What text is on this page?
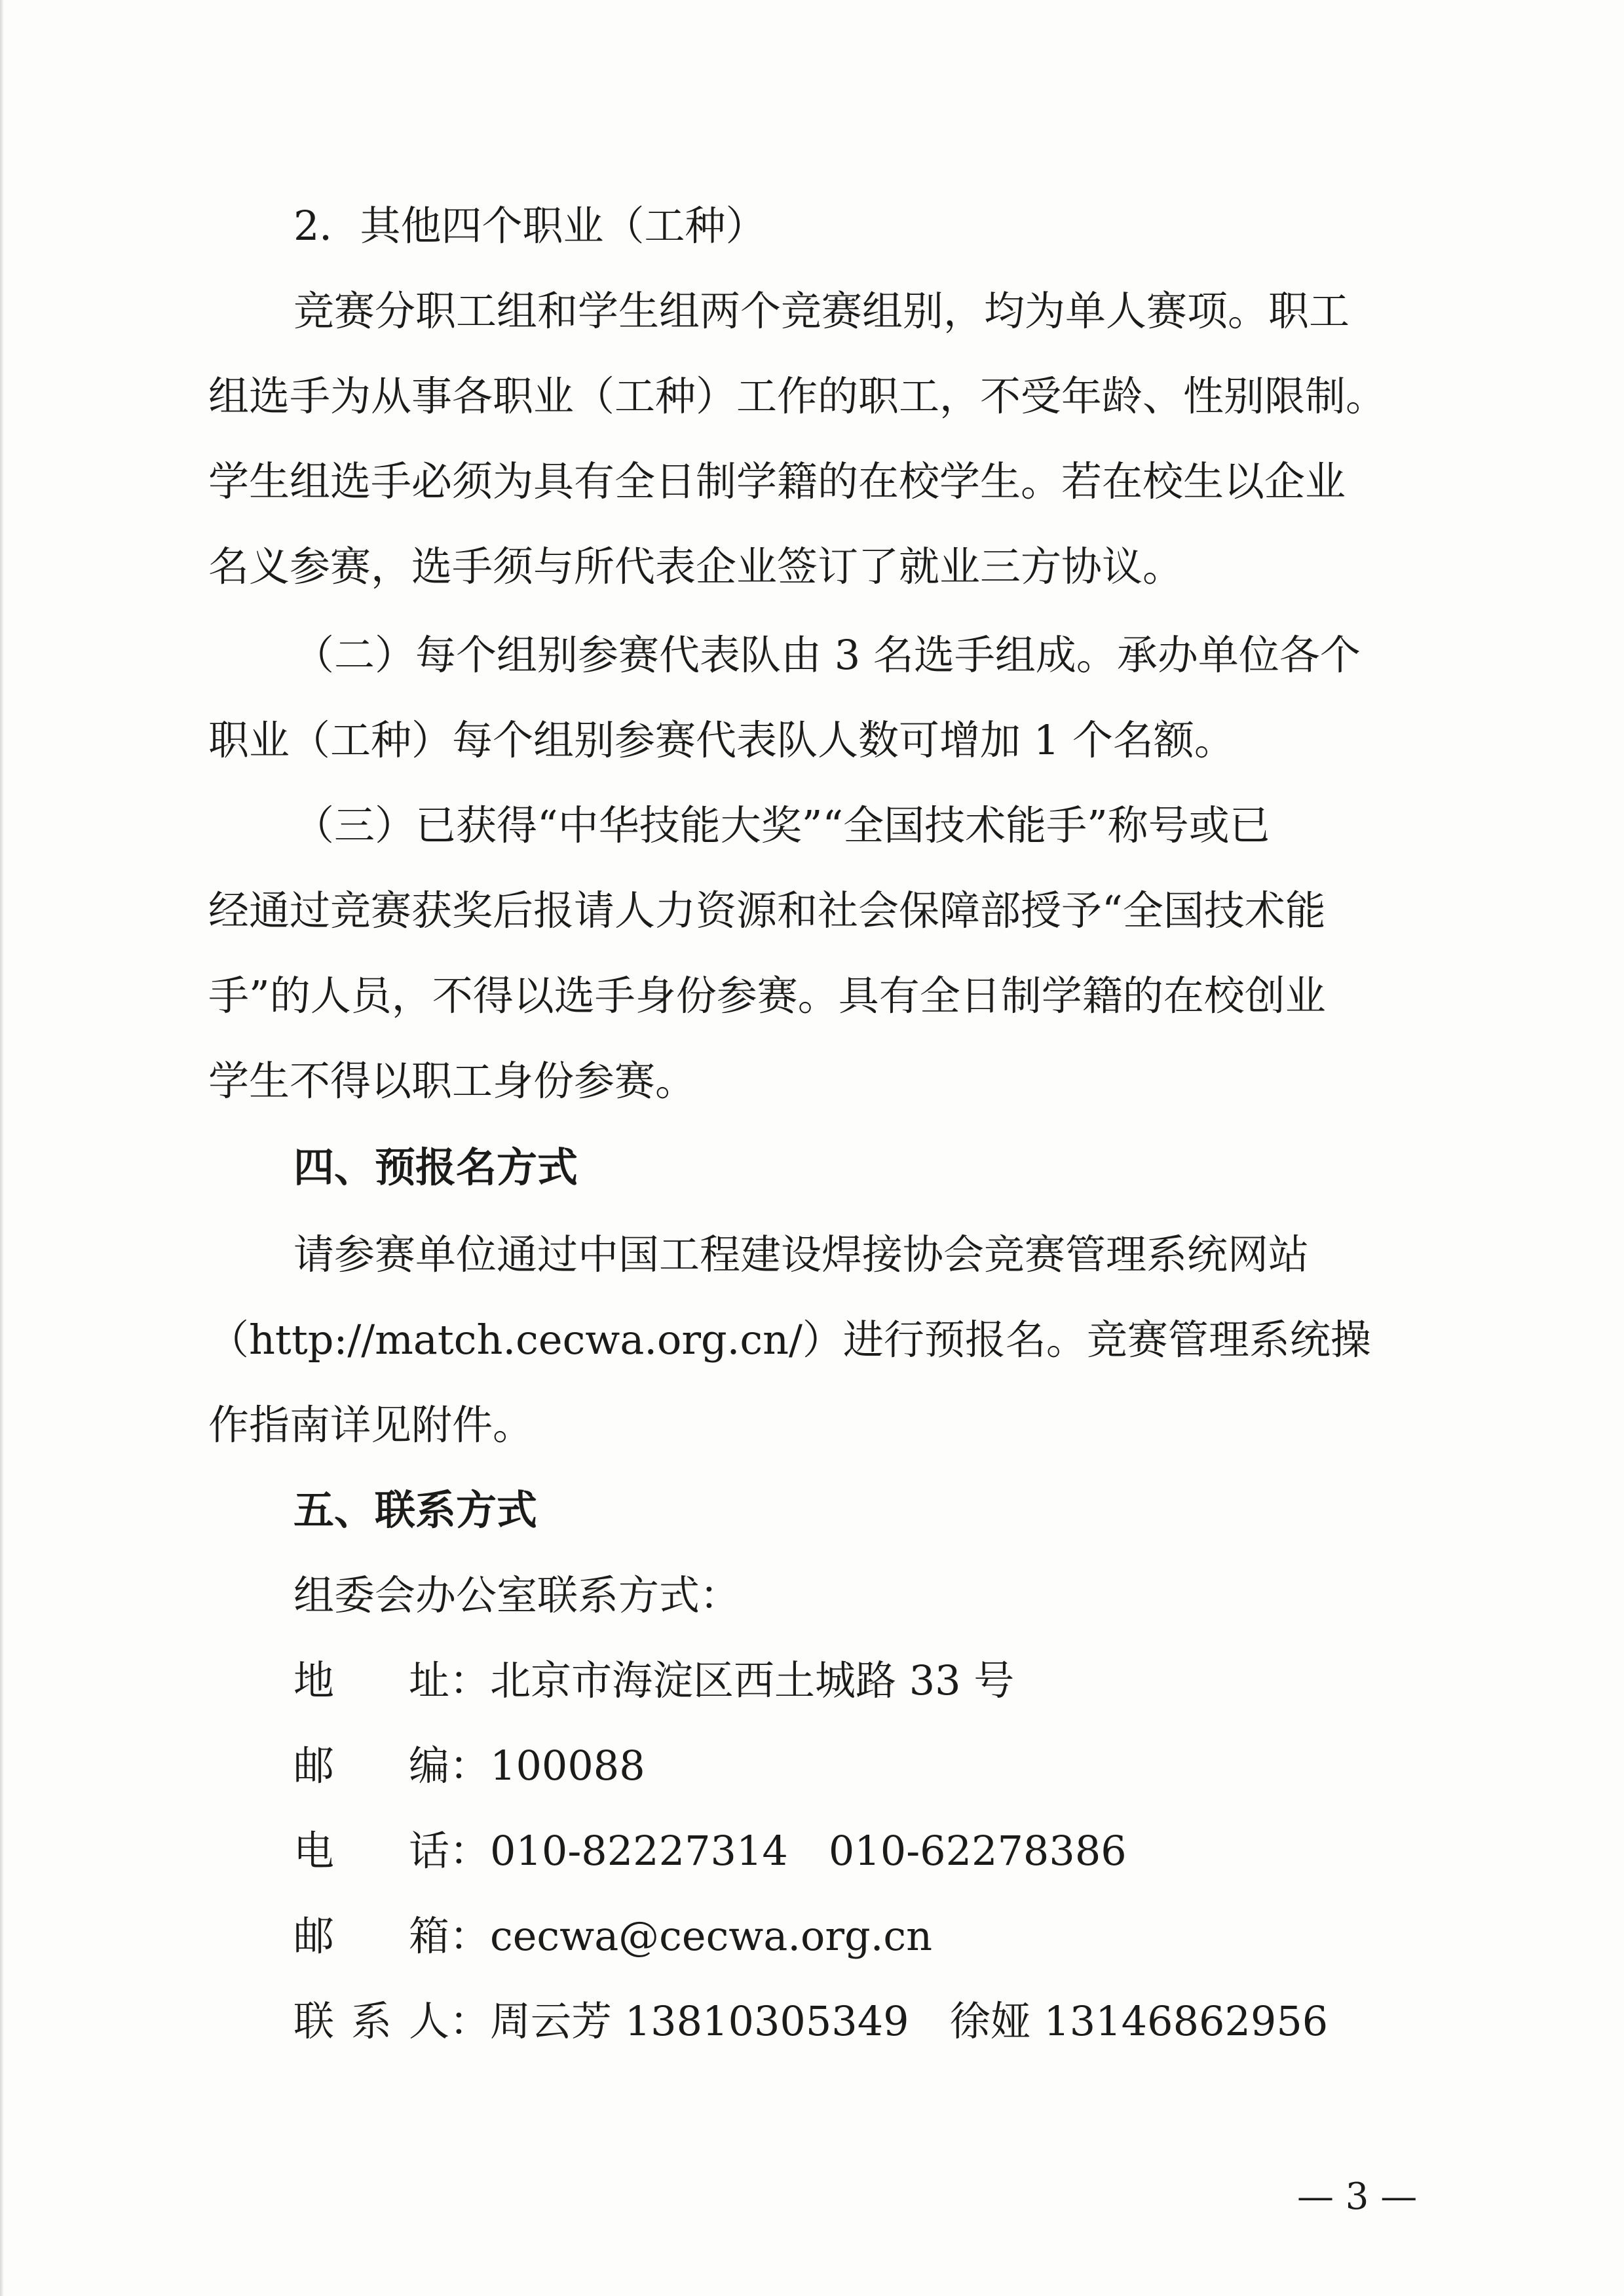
2．其他四个职业（工种）
竞赛分职工组和学生组两个竞赛组别，均为单人赛项。职工
组选手为从事各职业（工种）工作的职工，不受年龄、性别限制。
学生组选手必须为具有全日制学籍的在校学生。若在校生以企业
名义参赛，选手须与所代表企业签订了就业三方协议。
（二）每个组别参赛代表队由 3 名选手组成。承办单位各个
职业（工种）每个组别参赛代表队人数可增加 1 个名额。
（三）已获得“中华技能大奖”“全国技术能手”称号或已
经通过竞赛获奖后报请人力资源和社会保障部授予“全国技术能
手”的人员，不得以选手身份参赛。具有全日制学籍的在校创业
学生不得以职工身份参赛。
四、预报名方式
请参赛单位通过中国工程建设焊接协会竞赛管理系统网站
（http://match.cecwa.org.cn/）进行预报名。竞赛管理系统操
作指南详见附件。
五、联系方式
组委会办公室联系方式：
地 址： 北京市海淀区西土城路 33 号
邮 编： 100088
电 话： 010-82227314 010-62278386
邮 箱： cecwa@cecwa.org.cn
联 系 人： 周云芳 13810305349 徐娅 13146862956
— 3 —
